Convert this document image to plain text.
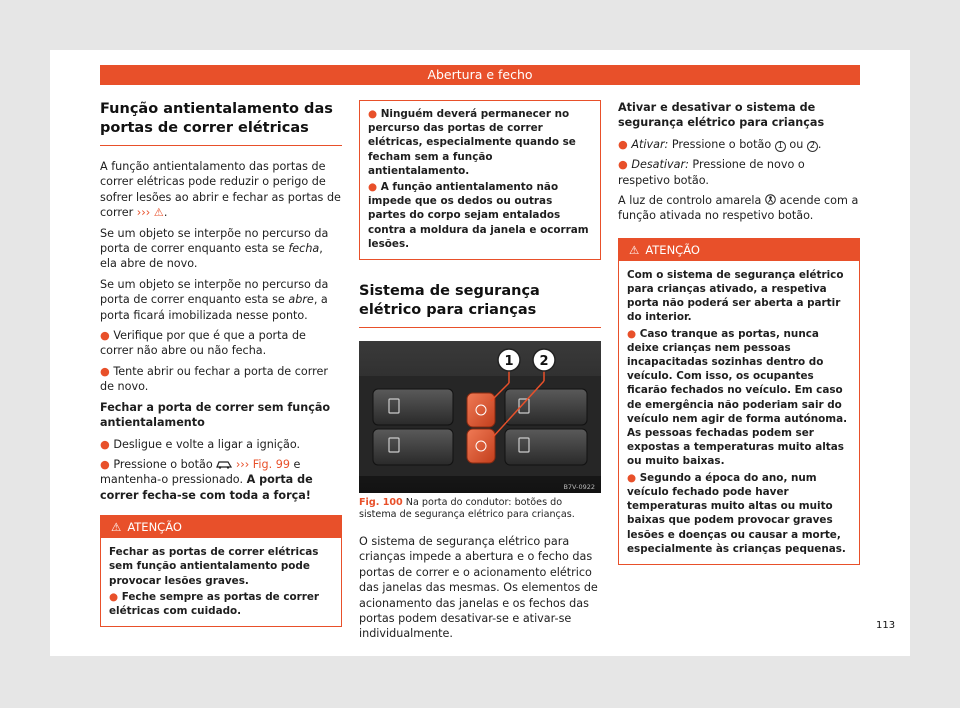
Abertura e fecho
Função antientalamento das portas de correr elétricas

A função antientalamento das portas de correr elétricas pode reduzir o perigo de sofrer lesões ao abrir e fechar as portas de correr ››› ⚠.

Se um objeto se interpõe no percurso da porta de correr enquanto esta se fecha, ela abre de novo.

Se um objeto se interpõe no percurso da porta de correr enquanto esta se abre, a porta ficará imobilizada nesse ponto.

● Verifique por que é que a porta de correr não abre ou não fecha.

● Tente abrir ou fechar a porta de correr de novo.

Fechar a porta de correr sem função antientalamento

● Desligue e volte a ligar a ignição.

● Pressione o botão ››› Fig. 99 e mantenha-o pressionado. A porta de correr fecha-se com toda a força!

⚠ ATENÇÃO

Fechar as portas de correr elétricas sem função antientalamento pode provocar lesões graves.

● Feche sempre as portas de correr elétricas com cuidado.

● Ninguém deverá permanecer no percurso das portas de correr elétricas, especialmente quando se fecham sem a função antientalamento.

● A função antientalamento não impede que os dedos ou outras partes do corpo sejam entalados contra a moldura da janela e ocorram lesões.

Sistema de segurança elétrico para crianças
1 2
B7V-0922

Fig. 100 Na porta do condutor: botões do sistema de segurança elétrico para crianças.

O sistema de segurança elétrico para crianças impede a abertura e o fecho das portas de correr e o acionamento elétrico das janelas das mesmas. Os elementos de acionamento das janelas e os fechos das portas podem desativar-se e ativar-se individualmente.

Ativar e desativar o sistema de segurança elétrico para crianças

● Ativar: Pressione o botão 1 ou 2 .

● Desativar: Pressione de novo o respetivo botão.

A luz de controlo amarela  acende com a função ativada no respetivo botão.

⚠ ATENÇÃO

Com o sistema de segurança elétrico para crianças ativado, a respetiva porta não poderá ser aberta a partir do interior.

● Caso tranque as portas, nunca deixe crianças nem pessoas incapacitadas sozinhas dentro do veículo. Com isso, os ocupantes ficarão fechados no veículo. Em caso de emergência não poderiam sair do veículo nem agir de forma autónoma. As pessoas fechadas podem ser expostas a temperaturas muito altas ou muito baixas.

● Segundo a época do ano, num veículo fechado pode haver temperaturas muito altas ou muito baixas que podem provocar graves lesões e doenças ou causar a morte, especialmente às crianças pequenas.

113
